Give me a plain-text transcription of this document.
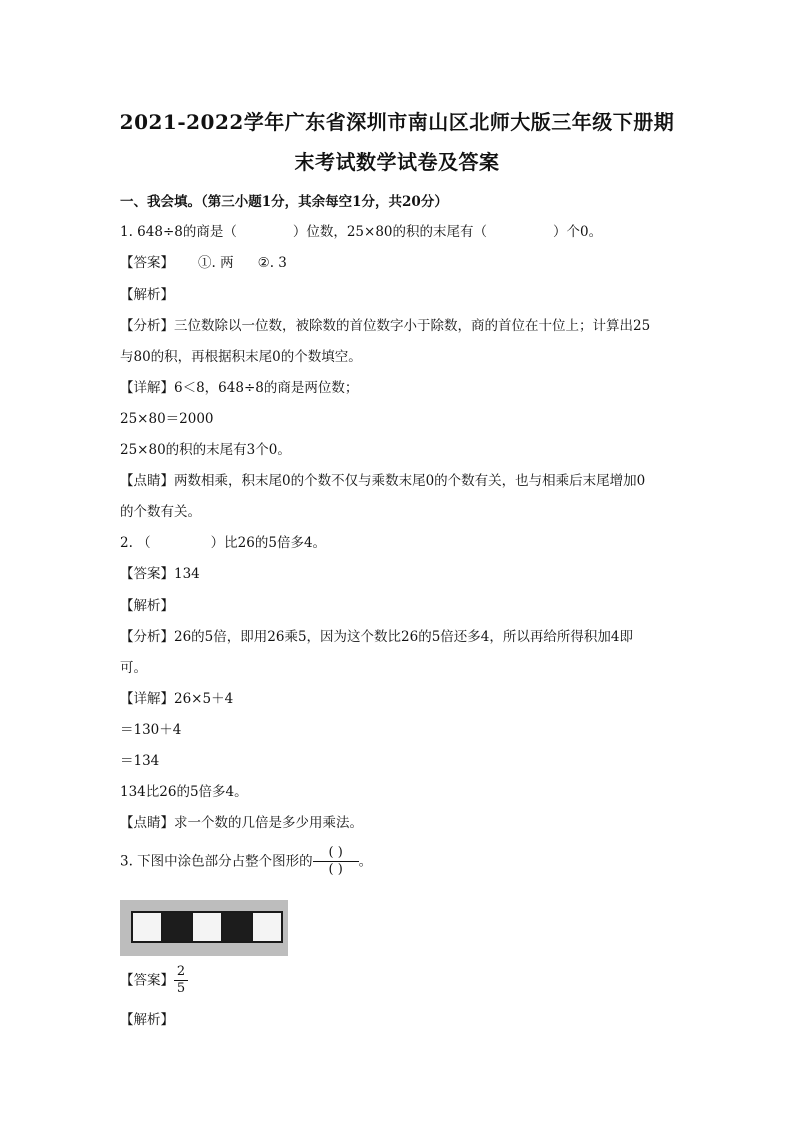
2021-2022学年广东省深圳市南山区北师大版三年级下册期
末考试数学试卷及答案
一、我会填。（第三小题1分，其余每空1分，共20分）
1. 648÷8的商是（	）位数，25×80的积的末尾有（	）个0。
【答案】 ①. 两 ②. 3
【解析】
【分析】三位数除以一位数，被除数的首位数字小于除数，商的首位在十位上；计算出25
与80的积，再根据积末尾0的个数填空。
【详解】6＜8，648÷8的商是两位数；
25×80＝2000
25×80的积的末尾有3个0。
【点睛】两数相乘，积末尾0的个数不仅与乘数末尾0的个数有关，也与相乘后末尾增加0
的个数有关。
2. （	）比26的5倍多4。
【答案】134
【解析】
【分析】26的5倍，即用26乘5，因为这个数比26的5倍还多4，所以再给所得积加4即
可。
【详解】26×5＋4
＝130＋4
＝134
134比26的5倍多4。
【点睛】求一个数的几倍是多少用乘法。
3. 下图中涂色部分占整个图形的 $\frac{( )}{( )}$ 。
【答案】 $\frac{2}{5}$
【解析】
